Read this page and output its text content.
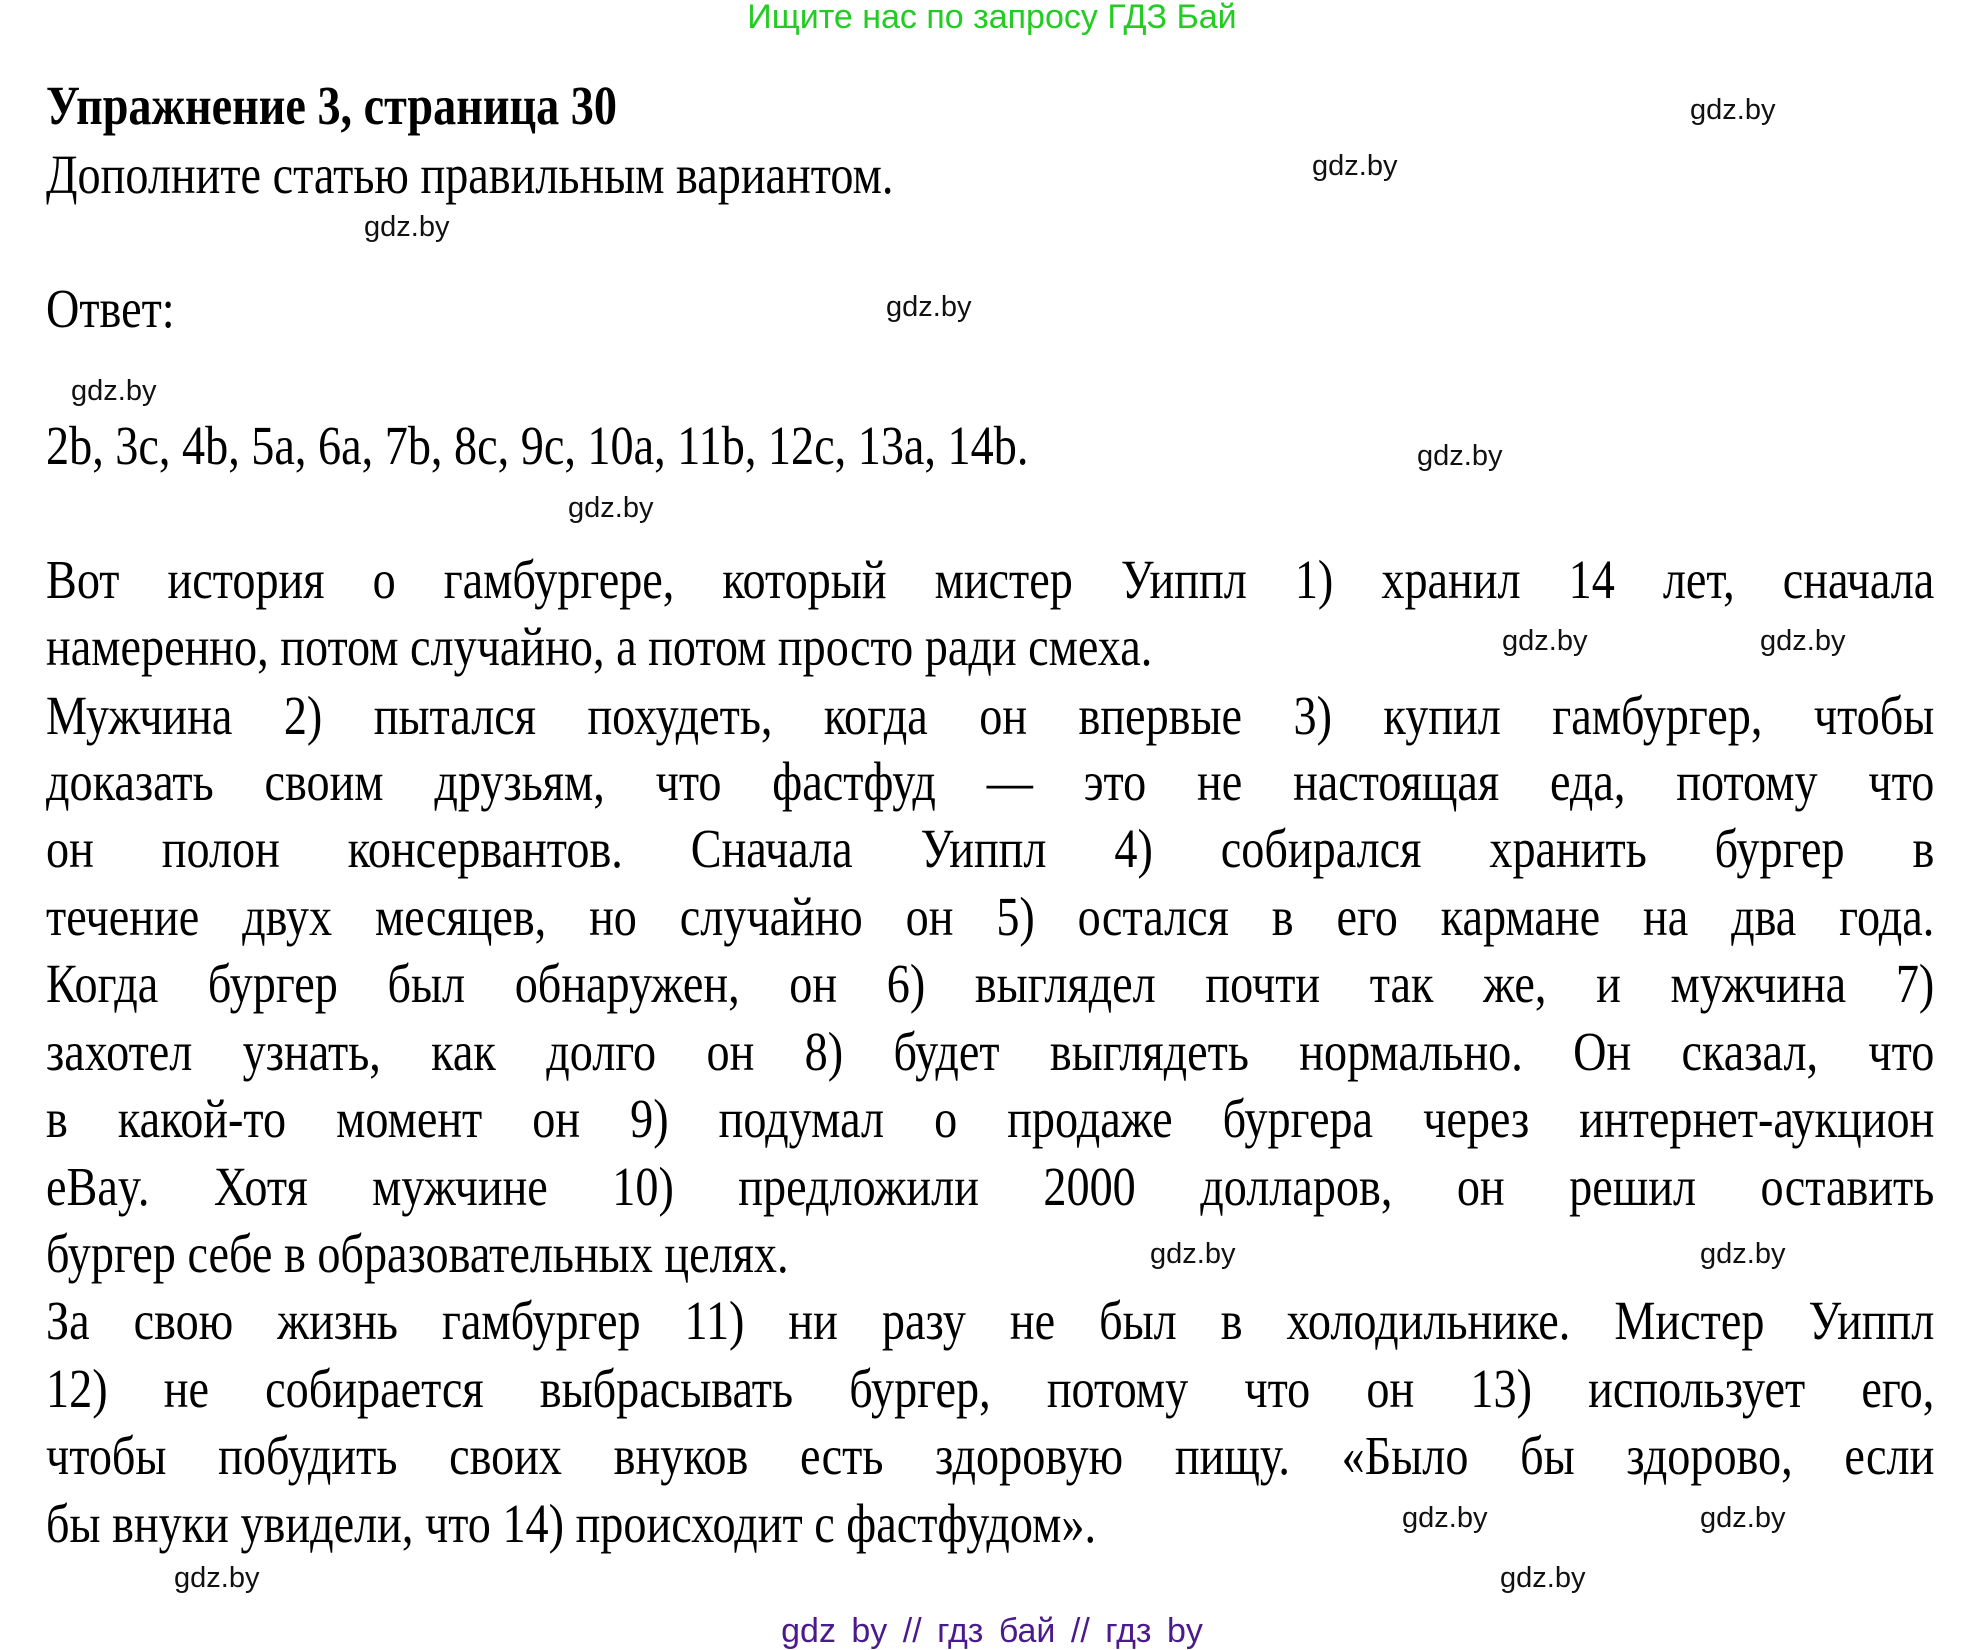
Ищите нас по запросу ГДЗ Бай
Упражнение 3, страница 30
Дополните статью правильным вариантом.
Ответ:
2b, 3c, 4b, 5a, 6a, 7b, 8c, 9c, 10a, 11b, 12c, 13a, 14b.
Вот история о гамбургере, который мистер Уиппл 1) хранил 14 лет, сначала
намеренно, потом случайно, а потом просто ради смеха.
Мужчина 2) пытался похудеть, когда он впервые 3) купил гамбургер, чтобы
доказать своим друзьям, что фастфуд — это не настоящая еда, потому что
он полон консервантов. Сначала Уиппл 4) собирался хранить бургер в
течение двух месяцев, но случайно он 5) остался в его кармане на два года.
Когда бургер был обнаружен, он 6) выглядел почти так же, и мужчина 7)
захотел узнать, как долго он 8) будет выглядеть нормально. Он сказал, что
в какой-то момент он 9) подумал о продаже бургера через интернет-аукцион
eBay. Хотя мужчине 10) предложили 2000 долларов, он решил оставить
бургер себе в образовательных целях.
За свою жизнь гамбургер 11) ни разу не был в холодильнике. Мистер Уиппл
12) не собирается выбрасывать бургер, потому что он 13) использует его,
чтобы побудить своих внуков есть здоровую пищу. «Было бы здорово, если
бы внуки увидели, что 14) происходит с фастфудом».
gdz.by
gdz.by
gdz.by
gdz.by
gdz.by
gdz.by
gdz.by
gdz.by	gdz.by
gdz.by	gdz.by
gdz.by	gdz.by
gdz.by	gdz.by
gdz by // гдз бай // гдз by
